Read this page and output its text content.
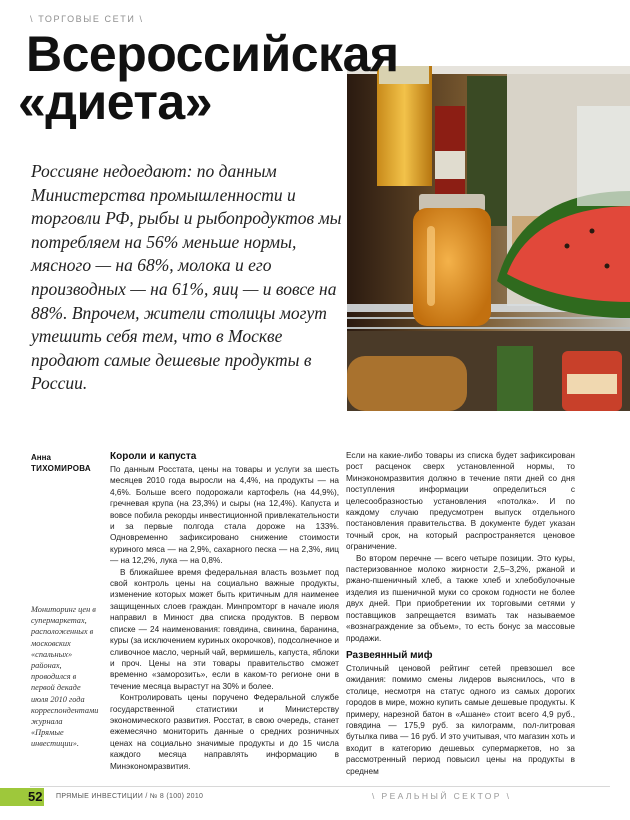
\ ТОРГОВЫЕ СЕТИ \
Всероссийская
«диета»

Россияне недоедают: по данным Министерства промышленности и торговли РФ, рыбы и рыбопродуктов мы потребляем на 56% меньше нормы, мясного — на 68%, молока и его производных — на 61%, яиц — и вовсе на 88%. Впрочем, жители столицы могут утешить себя тем, что в Москве продают самые дешевые продукты в России.

Анна
ТИХОМИРОВА

Мониторинг цен в супермаркетах, расположенных в московских «спальных» районах, проводился в первой декаде июля 2010 года корреспондентами журнала «Прямые инвестиции».

Короли и капуста

По данным Росстата, цены на товары и услуги за шесть месяцев 2010 года выросли на 4,4%, на продукты — на 4,6%. Больше всего подорожали картофель (на 44,9%), гречневая крупа (на 23,3%) и сыры (на 12,4%). Капуста и вовсе побила рекорды инвестиционной привлекательности и за первые полгода стала дороже на 133%. Одновременно зафиксировано снижение стоимости куриного мяса — на 2,9%, сахарного песка — на 2,3%, яиц — на 12,2%, лука — на 0,8%.

В ближайшее время федеральная власть возьмет под свой контроль цены на социально важные продукты, изменение которых может быть критичным для наименее защищенных слоев граждан. Минпромторг в начале июля направил в Минюст два списка продуктов. В первом списке — 24 наименования: говядина, свинина, баранина, куры (за исключением куриных окорочков), подсолнечное и сливочное масло, черный чай, вермишель, капуста, яблоки и проч. Цены на эти товары правительство сможет временно «заморозить», если в каком-то регионе они в течение месяца вырастут на 30% и более.

Контролировать цены поручено Федеральной службе государственной статистики и Министерству экономического развития. Росстат, в свою очередь, станет ежемесячно мониторить данные о средних розничных ценах на социально значимые продукты и до 15 числа каждого месяца направлять информацию в Минэкономразвития.

Если на какие-либо товары из списка будет зафиксирован рост расценок сверх установленной нормы, то Минэкономразвития должно в течение пяти дней со дня поступления информации определиться с целесообразностью установления «потолка». И по каждому случаю предусмотрен выпуск отдельного постановления правительства. В документе будет указан точный срок, на который распространяется ценовое ограничение.

Во втором перечне — всего четыре позиции. Это куры, пастеризованное молоко жирности 2,5–3,2%, ржаной и ржано-пшеничный хлеб, а также хлеб и хлебобулочные изделия из пшеничной муки со сроком годности не более двух дней. При приобретении их торговыми сетями у поставщиков запрещается взимать так называемое «вознаграждение за объем», то есть бонус за массовые продажи.

Развеянный миф

Столичный ценовой рейтинг сетей превзошел все ожидания: помимо смены лидеров выяснилось, что в столице, несмотря на статус одного из самых дорогих городов в мире, можно купить самые дешевые продукты. К примеру, нарезной батон в «Ашане» стоит всего 4,9 руб., говядина — 175,9 руб. за килограмм, пол-литровая бутылка пива — 16 руб. И это учитывая, что магазин хоть и входит в категорию дешевых супермаркетов, но за рассмотренный период повысил цены на продукты в среднем

52 ПРЯМЫЕ ИНВЕСТИЦИИ / № 8 (100) 2010	\ РЕАЛЬНЫЙ СЕКТОР \
